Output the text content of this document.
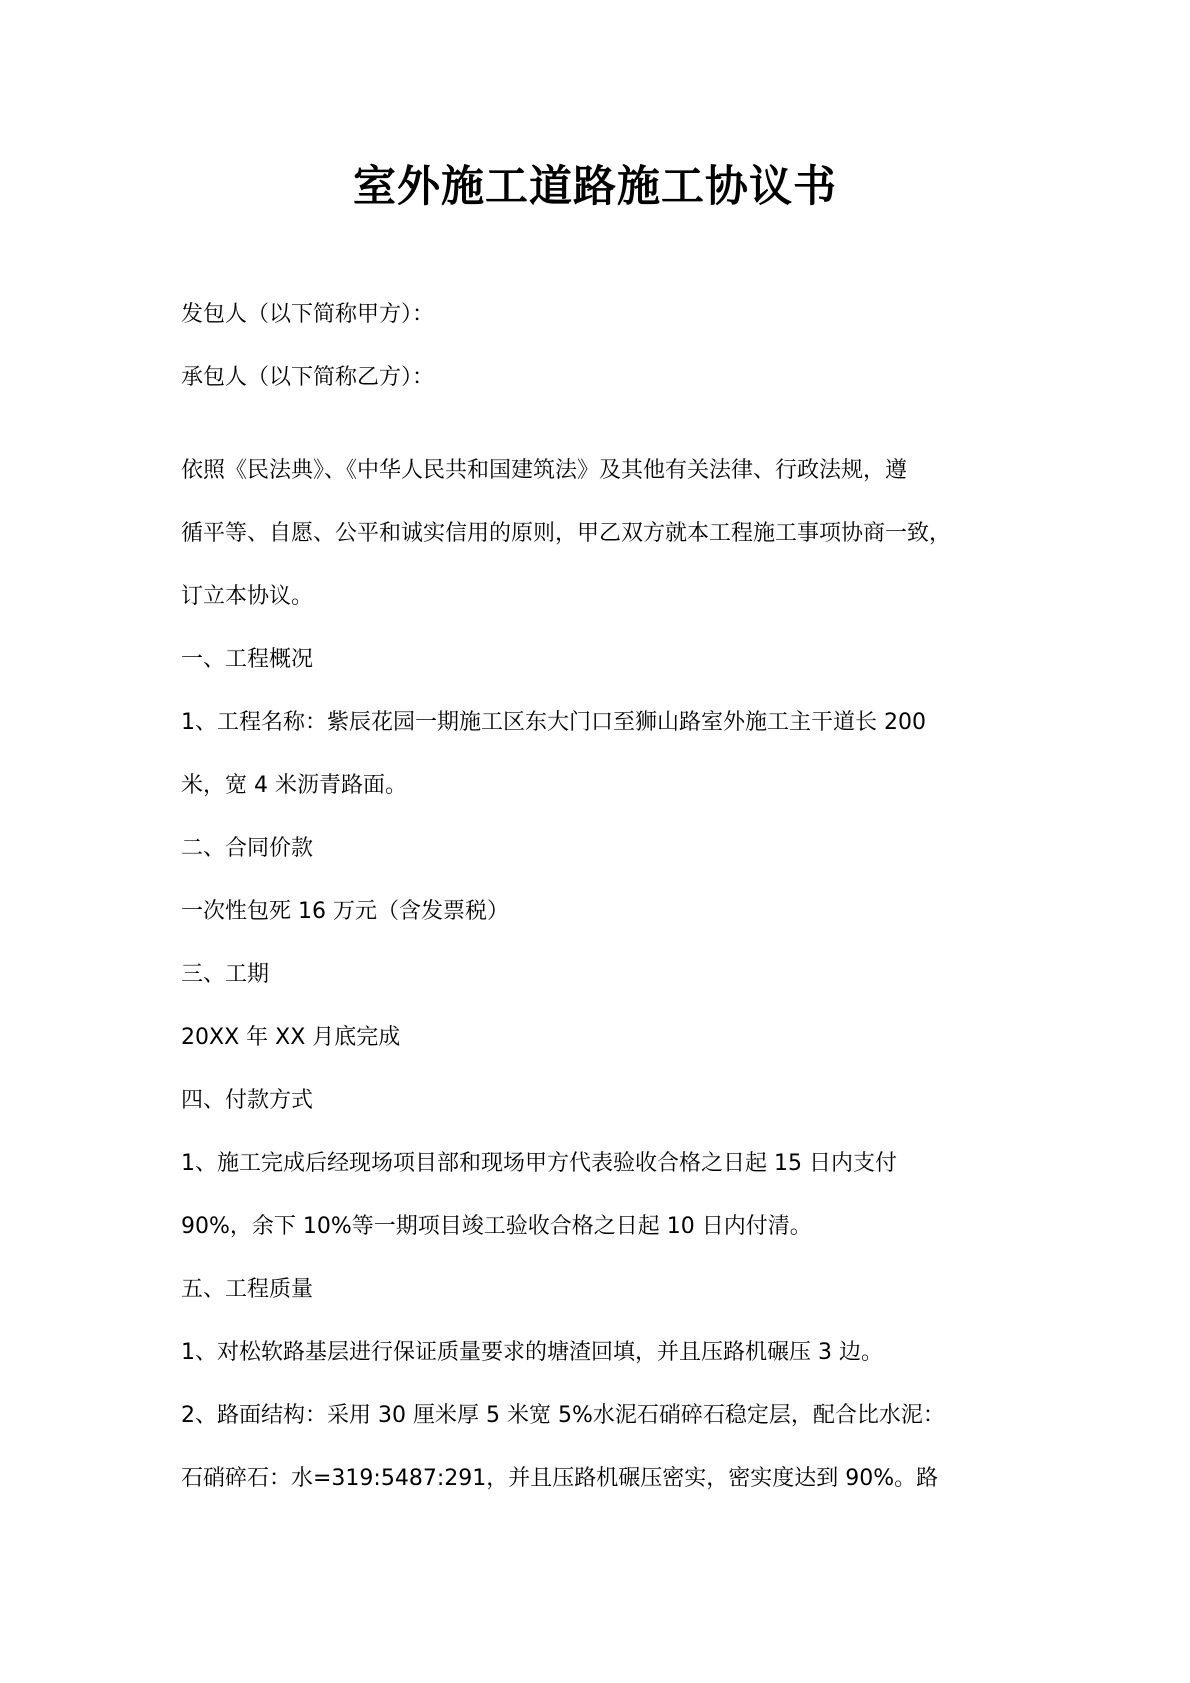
室外施工道路施工协议书

发包人（以下简称甲方）：

承包人（以下简称乙方）：

依照《民法典》、《中华人民共和国建筑法》及其他有关法律、行政法规，遵

循平等、自愿、公平和诚实信用的原则，甲乙双方就本工程施工事项协商一致，

订立本协议。

一、工程概况

1、工程名称：紫辰花园一期施工区东大门口至狮山路室外施工主干道长 200

米，宽 4 米沥青路面。

二、合同价款

一次性包死 16 万元（含发票税）

三、工期

20XX 年 XX 月底完成

四、付款方式

1、施工完成后经现场项目部和现场甲方代表验收合格之日起 15 日内支付

90%，余下 10%等一期项目竣工验收合格之日起 10 日内付清。

五、工程质量

1、对松软路基层进行保证质量要求的塘渣回填，并且压路机碾压 3 边。

2、路面结构：采用 30 厘米厚 5 米宽 5%水泥石硝碎石稳定层，配合比水泥：

石硝碎石：水=319:5487:291，并且压路机碾压密实，密实度达到 90%。路
